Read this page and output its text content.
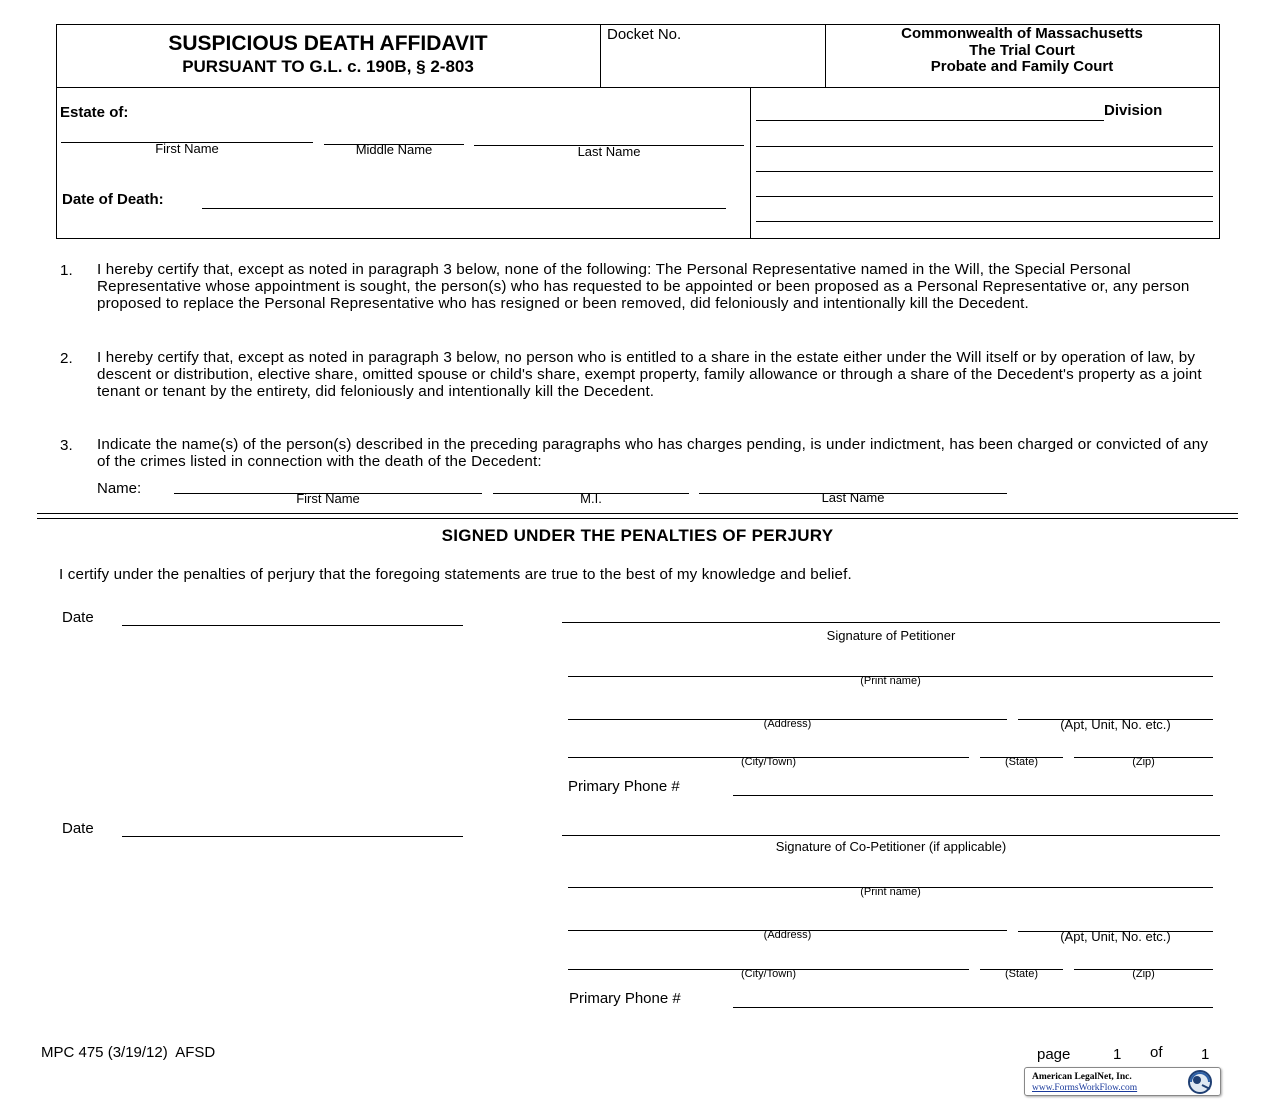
SUSPICIOUS DEATH AFFIDAVIT
PURSUANT TO G.L. c. 190B, § 2-803
Docket No.	Commonwealth of Massachusetts
The Trial Court
Probate and Family Court
Estate of:
First Name	Middle Name	Last Name
Date of Death:
Division
1. I hereby certify that, except as noted in paragraph 3 below, none of the following: The Personal Representative named in the Will, the Special Personal Representative whose appointment is sought, the person(s) who has requested to be appointed or been proposed as a Personal Representative or, any person proposed to replace the Personal Representative who has resigned or been removed, did feloniously and intentionally kill the Decedent.
2. I hereby certify that, except as noted in paragraph 3 below, no person who is entitled to a share in the estate either under the Will itself or by operation of law, by descent or distribution, elective share, omitted spouse or child's share, exempt property, family allowance or through a share of the Decedent's property as a joint tenant or tenant by the entirety, did feloniously and intentionally kill the Decedent.
3. Indicate the name(s) of the person(s) described in the preceding paragraphs who has charges pending, is under indictment, has been charged or convicted of any of the crimes listed in connection with the death of the Decedent:
Name:
First Name	M.I.	Last Name
SIGNED UNDER THE PENALTIES OF PERJURY
I certify under the penalties of perjury that the foregoing statements are true to the best of my knowledge and belief.
Date
Signature of Petitioner
(Print name)
(Address)	(Apt, Unit, No. etc.)
(City/Town)	(State)	(Zip)
Primary Phone #
Date
Signature of Co-Petitioner (if applicable)
(Print name)
(Address)	(Apt, Unit, No. etc.)
(City/Town)	(State)	(Zip)
Primary Phone #
MPC 475 (3/19/12)  AFSD	page	1 of	1
American LegalNet, Inc.
www.FormsWorkFlow.com
